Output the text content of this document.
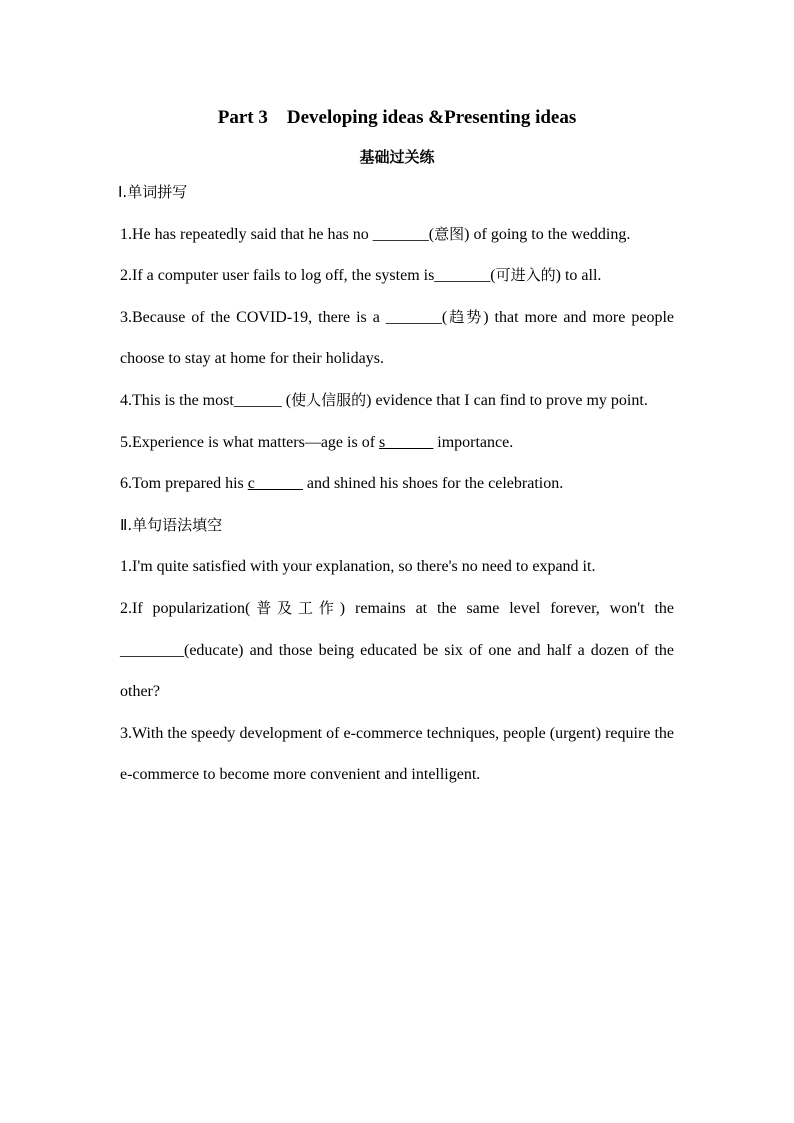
Part 3    Developing ideas &Presenting ideas
基础过关练
Ⅰ.单词拼写

1.He has repeatedly said that he has no _______(意图) of going to the wedding.

2.If a computer user fails to log off, the system is_______(可进入的) to all.

3.Because of the COVID-19, there is a _______(趋势) that more and more people choose to stay at home for their holidays.

4.This is the most______ (使人信服的) evidence that I can find to prove my point.

5.Experience is what matters—age is of s______ importance.

6.Tom prepared his c______ and shined his shoes for the celebration.

Ⅱ.单句语法填空

1.I'm quite satisfied with your explanation, so there's no need to expand it.

2.If popularization(普及工作) remains at the same level forever, won't the ________(educate) and those being educated be six of one and half a dozen of the other?

3.With the speedy development of e-commerce techniques, people (urgent) require the e-commerce to become more convenient and intelligent.
